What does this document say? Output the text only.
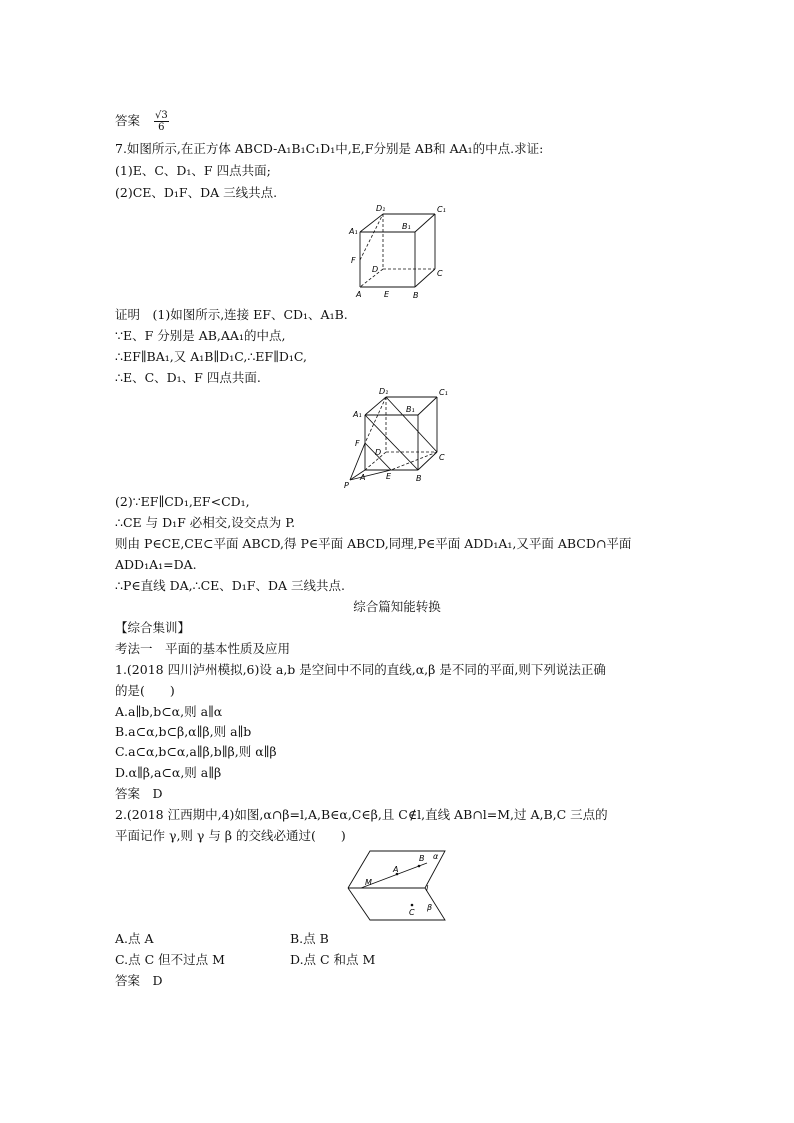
答案 $\frac{√3}{6}$
7.如图所示,在正方体 ABCD-A₁B₁C₁D₁中,E,F分别是 AB和 AA₁的中点.求证:
(1)E、C、D₁、F 四点共面;
(2)CE、D₁F、DA 三线共点.
D₁
B₁
C₁
A₁
F
D	C
A	E	B
证明　(1)如图所示,连接 EF、CD₁、A₁B.
∵E、F 分别是 AB,AA₁的中点,
∴EF∥BA₁,又 A₁B∥D₁C,∴EF∥D₁C,
∴E、C、D₁、F 四点共面.
D₁
B₁
C₁
A₁
F
D
C
A	E	B
P
(2)∵EF∥CD₁,EF<CD₁,
∴CE 与 D₁F 必相交,设交点为 P.
则由 P∈CE,CE⊂平面 ABCD,得 P∈平面 ABCD,同理,P∈平面 ADD₁A₁,又平面 ABCD∩平面
ADD₁A₁=DA.
∴P∈直线 DA,∴CE、D₁F、DA 三线共点.
综合篇知能转换
【综合集训】
考法一　平面的基本性质及应用
1.(2018 四川泸州模拟,6)设 a,b 是空间中不同的直线,α,β 是不同的平面,则下列说法正确
的是(　　)
A.a∥b,b⊂α,则 a∥α
B.a⊂α,b⊂β,α∥β,则 a∥b
C.a⊂α,b⊂α,a∥β,b∥β,则 α∥β
D.α∥β,a⊂α,则 a∥β
答案　D
2.(2018 江西期中,4)如图,α∩β=l,A,B∈α,C∈β,且 C∉l,直线 AB∩l=M,过 A,B,C 三点的
平面记作 γ,则 γ 与 β 的交线必通过(　　)
α
B
A
M
l
C
β
A.点 A	B.点 B
C.点 C 但不过点 M	D.点 C 和点 M
答案　D
